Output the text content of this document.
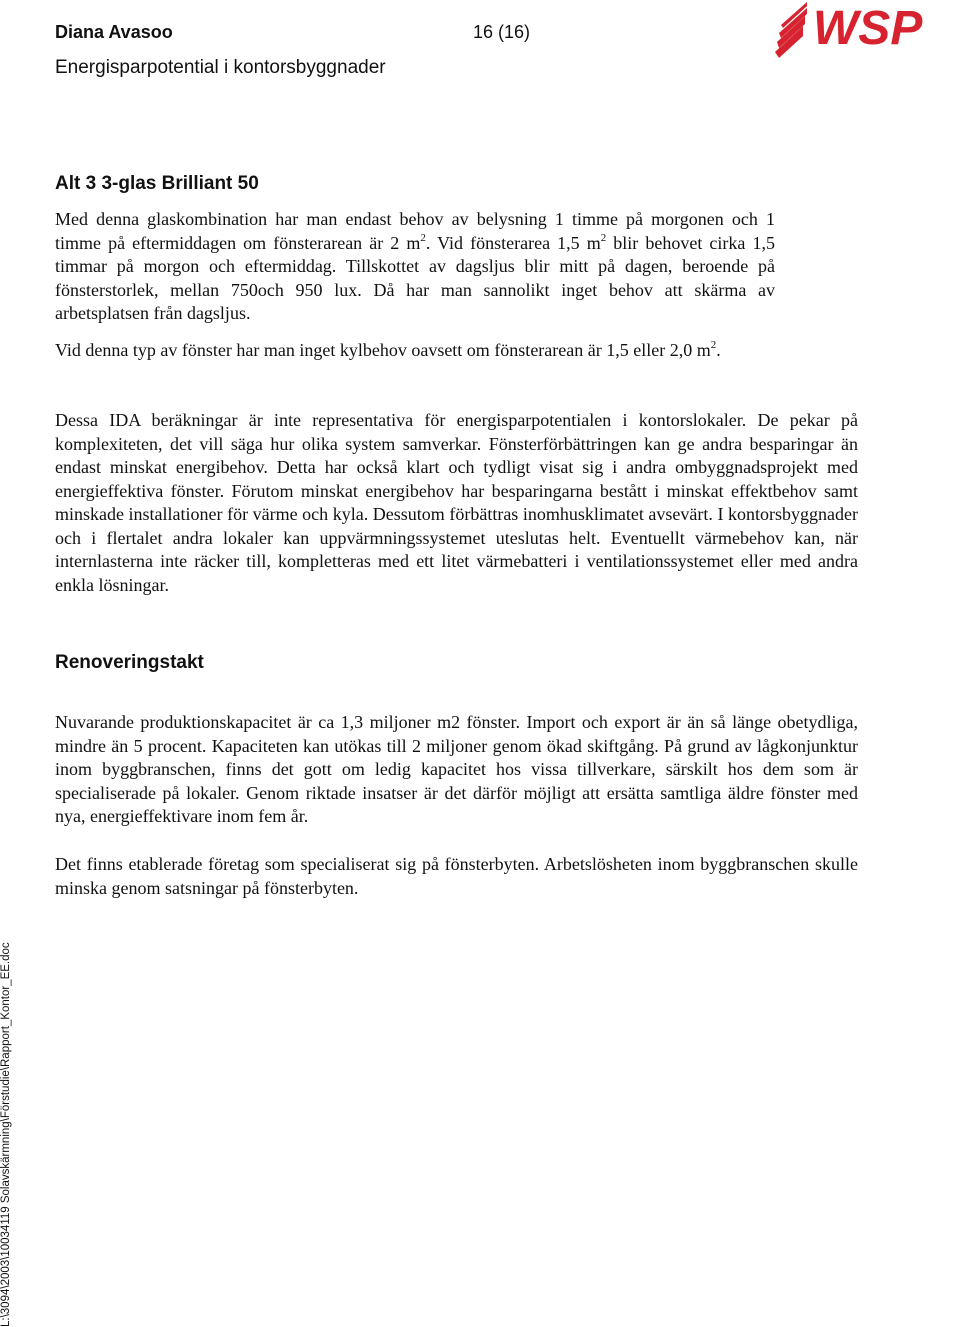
Diana Avasoo	16 (16)
Energisparpotential i kontorsbyggnader
WSP
Alt 3 3-glas Brilliant 50

Med denna glaskombination har man endast behov av belysning 1 timme på morgonen och 1 timme på eftermiddagen om fönsterarean är 2 $m^2$. Vid fönsterarea 1,5 $m^2$ blir behovet cirka 1,5 timmar på morgon och eftermiddag. Tillskottet av dagsljus blir mitt på dagen, beroende på fönsterstorlek, mellan 750och 950 lux. Då har man sannolikt inget behov att skärma av arbetsplatsen från dagsljus.

Vid denna typ av fönster har man inget kylbehov oavsett om fönsterarean är 1,5 eller 2,0 $m^2$.

Dessa IDA beräkningar är inte representativa för energisparpotentialen i kontorslokaler. De pekar på komplexiteten, det vill säga hur olika system samverkar. Fönsterförbättringen kan ge andra besparingar än endast minskat energibehov. Detta har också klart och tydligt visat sig i andra ombyggnadsprojekt med energieffektiva fönster. Förutom minskat energibehov har besparingarna bestått i minskat effektbehov samt minskade installationer för värme och kyla. Dessutom förbättras inomhusklimatet avsevärt. I kontorsbyggnader och i flertalet andra lokaler kan uppvärmningssystemet uteslutas helt. Eventuellt värmebehov kan, när internlasterna inte räcker till, kompletteras med ett litet värmebatteri i ventilationssystemet eller med andra enkla lösningar.

Renoveringstakt

Nuvarande produktionskapacitet är ca 1,3 miljoner m2 fönster. Import och export är än så länge obetydliga, mindre än 5 procent. Kapaciteten kan utökas till 2 miljoner genom ökad skiftgång. På grund av lågkonjunktur inom byggbranschen, finns det gott om ledig kapacitet hos vissa tillverkare, särskilt hos dem som är specialiserade på lokaler. Genom riktade insatser är det därför möjligt att ersätta samtliga äldre fönster med nya, energieffektivare inom fem år.

Det finns etablerade företag som specialiserat sig på fönsterbyten. Arbetslösheten inom byggbranschen skulle minska genom satsningar på fönsterbyten.

L:\3094\2003\10034119 Solavskärmning\Förstudie\Rapport_Kontor_EE.doc
